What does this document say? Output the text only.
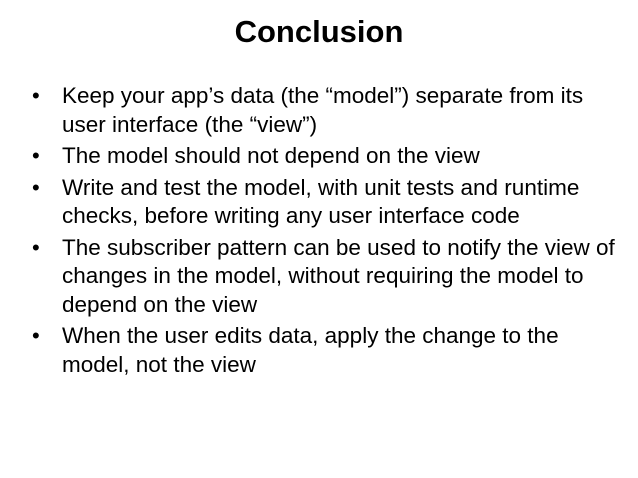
Conclusion
• Keep your app’s data (the “model”) separate from its user interface (the “view”)
• The model should not depend on the view
• Write and test the model, with unit tests and runtime checks, before writing any user interface code
• The subscriber pattern can be used to notify the view of changes in the model, without requiring the model to depend on the view
• When the user edits data, apply the change to the model, not the view
